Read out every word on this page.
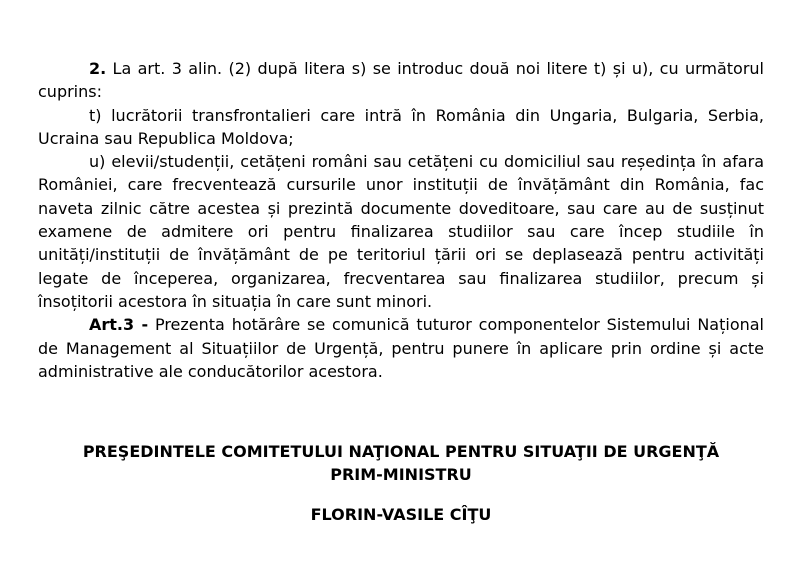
2. La art. 3 alin. (2) după litera s) se introduc două noi litere t) și u), cu următorul cuprins:

t) lucrătorii transfrontalieri care intră în România din Ungaria, Bulgaria, Serbia, Ucraina sau Republica Moldova;

u) elevii/studenții, cetățeni români sau cetățeni cu domiciliul sau reședința în afara României, care frecventează cursurile unor instituții de învățământ din România, fac naveta zilnic către acestea și prezintă documente doveditoare, sau care au de susținut examene de admitere ori pentru finalizarea studiilor sau care încep studiile în unități/instituții de învățământ de pe teritoriul țării ori se deplasează pentru activități legate de începerea, organizarea, frecventarea sau finalizarea studiilor, precum și însoțitorii acestora în situația în care sunt minori.

Art.3 - Prezenta hotărâre se comunică tuturor componentelor Sistemului Național de Management al Situațiilor de Urgență, pentru punere în aplicare prin ordine și acte administrative ale conducătorilor acestora.

PREŞEDINTELE COMITETULUI NAŢIONAL PENTRU SITUAŢII DE URGENŢĂ

PRIM-MINISTRU

FLORIN-VASILE CÎŢU
